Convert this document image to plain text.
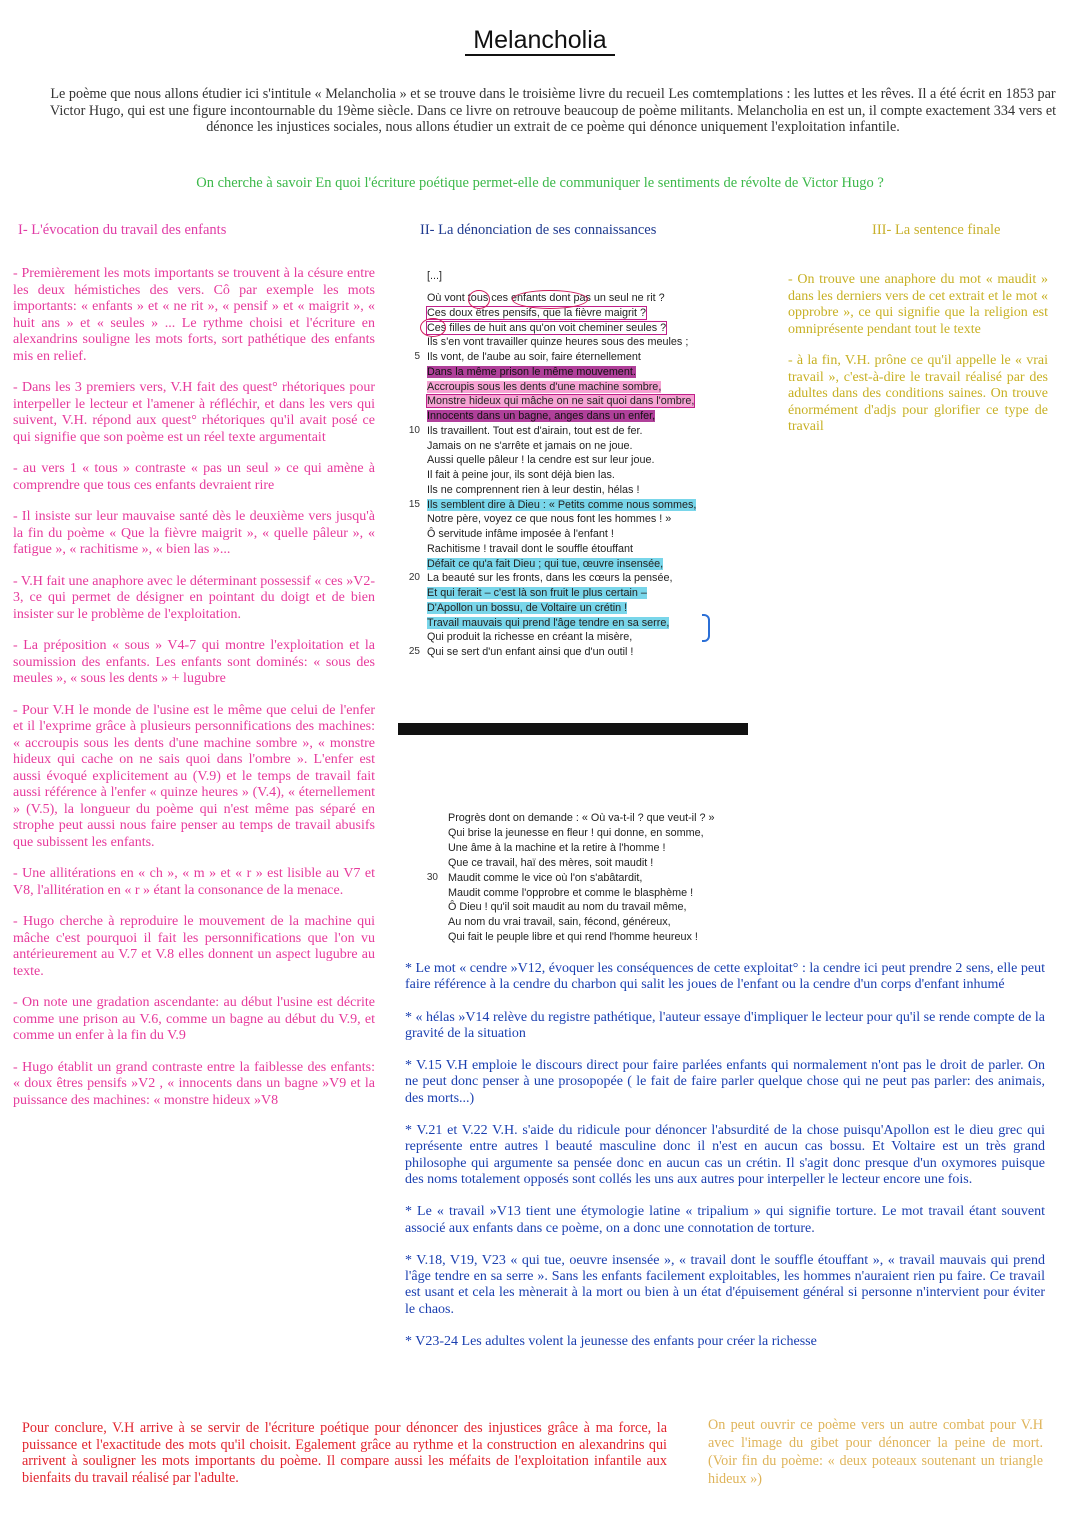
Melancholia
Le poème que nous allons étudier ici s'intitule « Melancholia » et se trouve dans le troisième livre du recueil Les comtemplations : les luttes et les rêves. Il a été écrit en 1853 par Victor Hugo, qui est une figure incontournable du 19ème siècle. Dans ce livre on retrouve beaucoup de poème militants. Melancholia en est un, il compte exactement 334 vers et dénonce les injustices sociales, nous allons étudier un extrait de ce poème qui dénonce uniquement l'exploitation infantile.
On cherche à savoir En quoi l'écriture poétique permet-elle de communiquer le sentiments de révolte de Victor Hugo ?
I- L'évocation du travail des enfants	II- La dénonciation de ses connaissances	III- La sentence finale

- Premièrement les mots importants se trouvent à la césure entre les deux hémistiches des vers. Cô par exemple les mots importants: « enfants » et « ne rit », « pensif » et « maigrit », « huit ans » et « seules » ... Le rythme choisi et l'écriture en alexandrins souligne les mots forts, sort pathétique des enfants mis en relief.

- Dans les 3 premiers vers, V.H fait des quest° rhétoriques pour interpeller le lecteur et l'amener à réfléchir, et dans les vers qui suivent, V.H. répond aux quest° rhétoriques qu'il avait posé ce qui signifie que son poème est un réel texte argumentait

- au vers 1 « tous » contraste « pas un seul » ce qui amène à comprendre que tous ces enfants devraient rire

- Il insiste sur leur mauvaise santé dès le deuxième vers jusqu'à la fin du poème « Que la fièvre maigrit », « quelle pâleur », « fatigue », « rachitisme », « bien las »...

- V.H fait une anaphore avec le déterminant possessif « ces »V2-3, ce qui permet de désigner en pointant du doigt et de bien insister sur le problème de l'exploitation.

- La préposition « sous » V4-7 qui montre l'exploitation et la soumission des enfants. Les enfants sont dominés: « sous des meules », « sous les dents » + lugubre

- Pour V.H le monde de l'usine est le même que celui de l'enfer et il l'exprime grâce à plusieurs personnifications des machines: « accroupis sous les dents d'une machine sombre », « monstre hideux qui cache on ne sais quoi dans l'ombre ». L'enfer est aussi évoqué explicitement au (V.9) et le temps de travail fait aussi référence à l'enfer « quinze heures » (V.4), « éternellement » (V.5), la longueur du poème qui n'est même pas séparé en strophe peut aussi nous faire penser au temps de travail abusifs que subissent les enfants.

- Une allitérations en « ch », « m » et « r » est lisible au V7 et V8, l'allitération en « r » étant la consonance de la menace.

- Hugo cherche à reproduire le mouvement de la machine qui mâche c'est pourquoi il fait les personnifications que l'on vu antérieurement au V.7 et V.8 elles donnent un aspect lugubre au texte.

- On note une gradation ascendante: au début l'usine est décrite comme une prison au V.6, comme un bagne au début du V.9, et comme un enfer à la fin du V.9

- Hugo établit un grand contraste entre la faiblesse des enfants: « doux êtres pensifs »V2 , « innocents dans un bagne »V9 et la puissance des machines: « monstre hideux »V8

- On trouve une anaphore du mot « maudit » dans les derniers vers de cet extrait et le mot « opprobre », ce qui signifie que la religion est omniprésente pendant tout le texte

- à la fin, V.H. prône ce qu'il appelle le « vrai travail », c'est-à-dire le travail réalisé par des adultes dans des conditions saines. On trouve énormément d'adjs pour glorifier ce type de travail

[...]
Où vont tous ces enfants dont pas un seul ne rit ?
Ces doux êtres pensifs, que la fièvre maigrit ?
Ces filles de huit ans qu'on voit cheminer seules ?
Ils s'en vont travailler quinze heures sous des meules ;
5 Ils vont, de l'aube au soir, faire éternellement
Dans la même prison le même mouvement.
Accroupis sous les dents d'une machine sombre,
Monstre hideux qui mâche on ne sait quoi dans l'ombre,
Innocents dans un bagne, anges dans un enfer,
10 Ils travaillent. Tout est d'airain, tout est de fer.
Jamais on ne s'arrête et jamais on ne joue.
Aussi quelle pâleur ! la cendre est sur leur joue.
Il fait à peine jour, ils sont déjà bien las.
Ils ne comprennent rien à leur destin, hélas !
15 Ils semblent dire à Dieu : « Petits comme nous sommes,
Notre père, voyez ce que nous font les hommes ! »
Ô servitude infâme imposée à l'enfant !
Rachitisme ! travail dont le souffle étouffant
Défait ce qu'a fait Dieu ; qui tue, œuvre insensée,
20 La beauté sur les fronts, dans les cœurs la pensée,
Et qui ferait – c'est là son fruit le plus certain –
D'Apollon un bossu, de Voltaire un crétin !
Travail mauvais qui prend l'âge tendre en sa serre,
Qui produit la richesse en créant la misère,
25 Qui se sert d'un enfant ainsi que d'un outil !
Progrès dont on demande : « Où va-t-il ? que veut-il ? »
Qui brise la jeunesse en fleur ! qui donne, en somme,
Une âme à la machine et la retire à l'homme !
Que ce travail, haï des mères, soit maudit !
30 Maudit comme le vice où l'on s'abâtardit,
Maudit comme l'opprobre et comme le blasphème !
Ô Dieu ! qu'il soit maudit au nom du travail même,
Au nom du vrai travail, sain, fécond, généreux,
Qui fait le peuple libre et qui rend l'homme heureux !

* Le mot « cendre »V12, évoquer les conséquences de cette exploitat° : la cendre ici peut prendre 2 sens, elle peut faire référence à la cendre du charbon qui salit les joues de l'enfant ou la cendre d'un corps d'enfant inhumé

* « hélas »V14 relève du registre pathétique, l'auteur essaye d'impliquer le lecteur pour qu'il se rende compte de la gravité de la situation

* V.15 V.H emploie le discours direct pour faire parlées enfants qui normalement n'ont pas le droit de parler. On ne peut donc penser à une prosopopée ( le fait de faire parler quelque chose qui ne peut pas parler: des animais, des morts...)

* V.21 et V.22 V.H. s'aide du ridicule pour dénoncer l'absurdité de la chose puisqu'Apollon est le dieu grec qui représente entre autres l beauté masculine donc il n'est en aucun cas bossu. Et Voltaire est un très grand philosophe qui argumente sa pensée donc en aucun cas un crétin. Il s'agit donc presque d'un oxymores puisque des noms totalement opposés sont collés les uns aux autres pour interpeller le lecteur encore une fois.

* Le « travail »V13 tient une étymologie latine « tripalium » qui signifie torture. Le mot travail étant souvent associé aux enfants dans ce poème, on a donc une connotation de torture.

* V.18, V19, V23 « qui tue, oeuvre insensée », « travail dont le souffle étouffant », « travail mauvais qui prend l'âge tendre en sa serre ». Sans les enfants facilement exploitables, les hommes n'auraient rien pu faire. Ce travail est usant et cela les mènerait à la mort ou bien à un état d'épuisement général si personne n'intervient pour éviter le chaos.

* V23-24 Les adultes volent la jeunesse des enfants pour créer la richesse

Pour conclure, V.H arrive à se servir de l'écriture poétique pour dénoncer des injustices grâce à ma force, la puissance et l'exactitude des mots qu'il choisit. Egalement grâce au rythme et la construction en alexandrins qui arrivent à souligner les mots importants du poème. Il compare aussi les méfaits de l'exploitation infantile aux bienfaits du travail réalisé par l'adulte.
On peut ouvrir ce poème vers un autre combat pour V.H avec l'image du gibet pour dénoncer la peine de mort. (Voir fin du poème: « deux poteaux soutenant un triangle hideux »)
